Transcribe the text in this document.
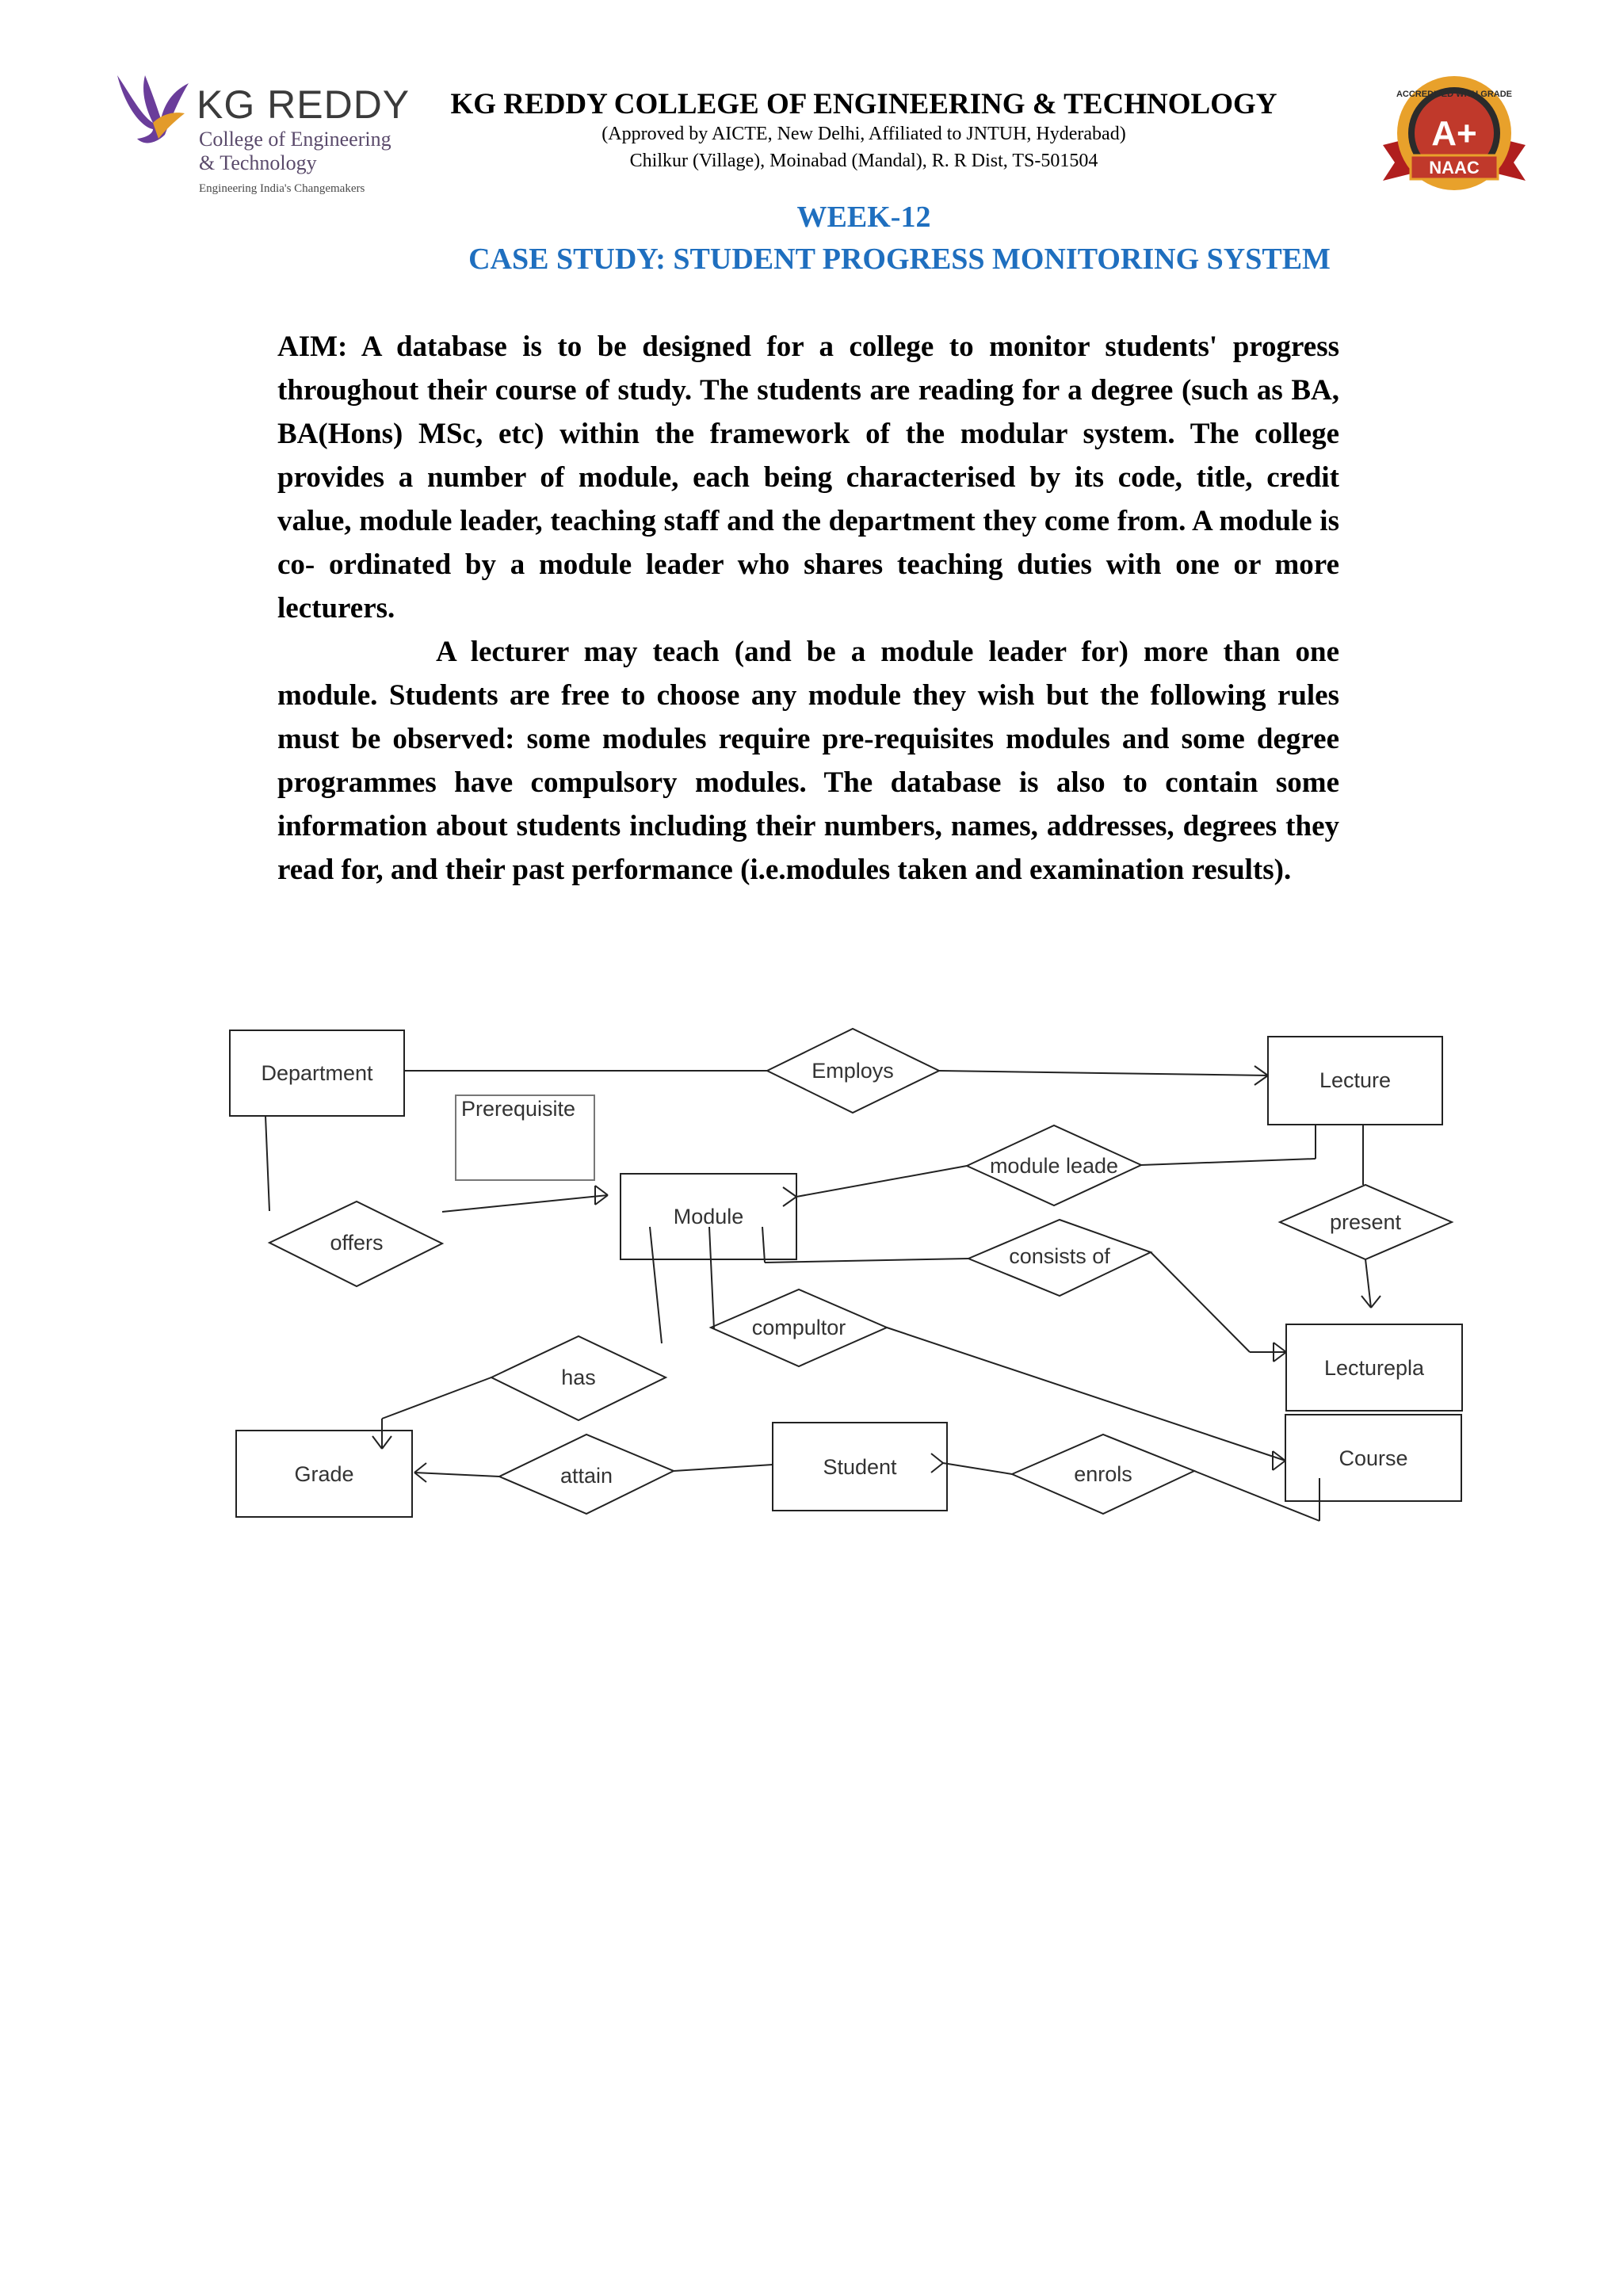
KG REDDY
College of Engineering
& Technology
Engineering India's Changemakers
KG REDDY COLLEGE OF ENGINEERING & TECHNOLOGY
(Approved by AICTE, New Delhi, Affiliated to JNTUH, Hyderabad)
Chilkur (Village), Moinabad (Mandal), R. R Dist, TS-501504
ACCREDITED WITH GRADE
A+
NAAC
WEEK-12
CASE STUDY: STUDENT PROGRESS MONITORING SYSTEM

AIM: A database is to be designed for a college to monitor students' progress throughout their course of study. The students are reading for a degree (such as BA, BA(Hons) MSc, etc) within the framework of the modular system. The college provides a number of module, each being characterised by its code, title, credit value, module leader, teaching staff and the department they come from. A module is co- ordinated by a module leader who shares teaching duties with one or more lecturers.

A lecturer may teach (and be a module leader for) more than one module. Students are free to choose any module they wish but the following rules must be observed: some modules require pre-requisites modules and some degree programmes have compulsory modules. The database is also to contain some information about students including their numbers, names, addresses, degrees they read for, and their past performance (i.e.modules taken and examination results).

Department
Prerequisite
Lecture
Module
Lecturepla
Grade	Student	Course
Employs
module leade
present
offers
consists of
has
compultor
attain	enrols
